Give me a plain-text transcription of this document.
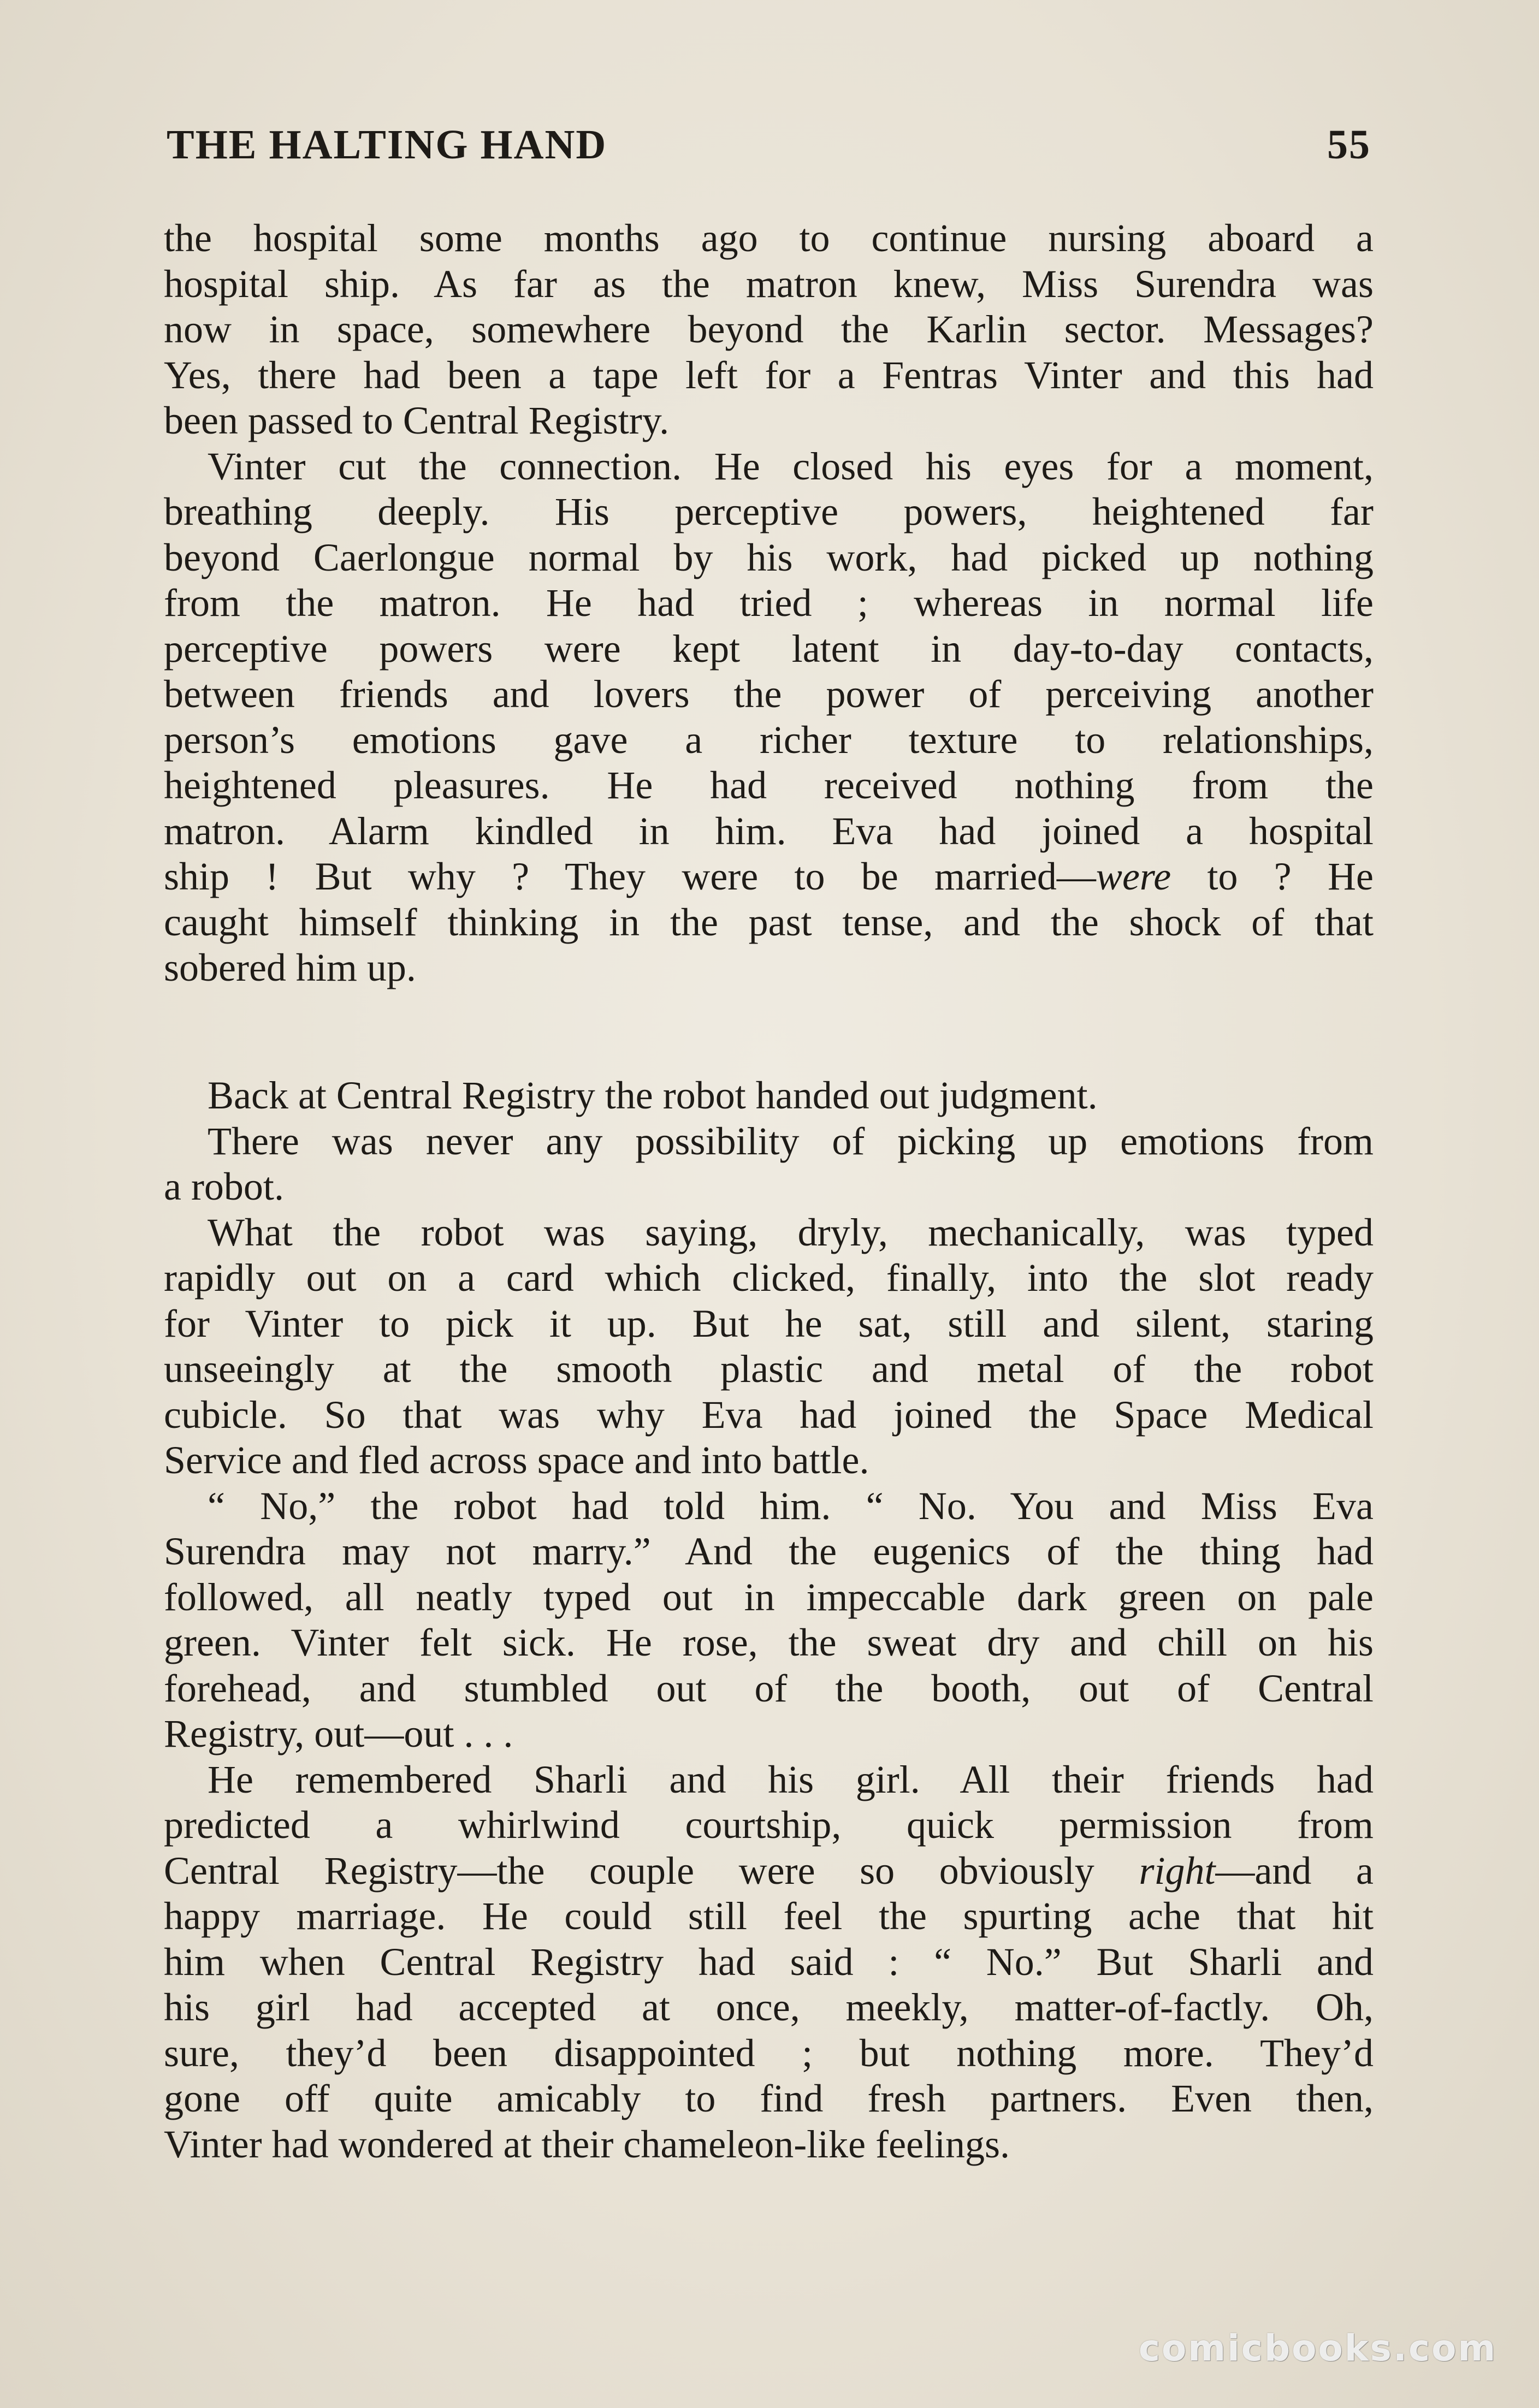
THE HALTING HAND	55
the hospital some months ago to continue nursing aboard a
hospital ship. As far as the matron knew, Miss Surendra was
now in space, somewhere beyond the Karlin sector. Messages?
Yes, there had been a tape left for a Fentras Vinter and this had
been passed to Central Registry.
Vinter cut the connection. He closed his eyes for a moment,
breathing deeply. His perceptive powers, heightened far
beyond Caerlongue normal by his work, had picked up nothing
from the matron. He had tried ; whereas in normal life
perceptive powers were kept latent in day-to-day contacts,
between friends and lovers the power of perceiving another
person’s emotions gave a richer texture to relationships,
heightened pleasures. He had received nothing from the
matron. Alarm kindled in him. Eva had joined a hospital
ship ! But why ? They were to be married—were to ? He
caught himself thinking in the past tense, and the shock of that
sobered him up.
Back at Central Registry the robot handed out judgment.
There was never any possibility of picking up emotions from
a robot.
What the robot was saying, dryly, mechanically, was typed
rapidly out on a card which clicked, finally, into the slot ready
for Vinter to pick it up. But he sat, still and silent, staring
unseeingly at the smooth plastic and metal of the robot
cubicle. So that was why Eva had joined the Space Medical
Service and fled across space and into battle.
“ No,” the robot had told him. “ No. You and Miss Eva
Surendra may not marry.” And the eugenics of the thing had
followed, all neatly typed out in impeccable dark green on pale
green. Vinter felt sick. He rose, the sweat dry and chill on his
forehead, and stumbled out of the booth, out of Central
Registry, out—out . . .
He remembered Sharli and his girl. All their friends had
predicted a whirlwind courtship, quick permission from
Central Registry—the couple were so obviously right—and a
happy marriage. He could still feel the spurting ache that hit
him when Central Registry had said : “ No.” But Sharli and
his girl had accepted at once, meekly, matter-of-factly. Oh,
sure, they’d been disappointed ; but nothing more. They’d
gone off quite amicably to find fresh partners. Even then,
Vinter had wondered at their chameleon-like feelings.
comicbooks.com
